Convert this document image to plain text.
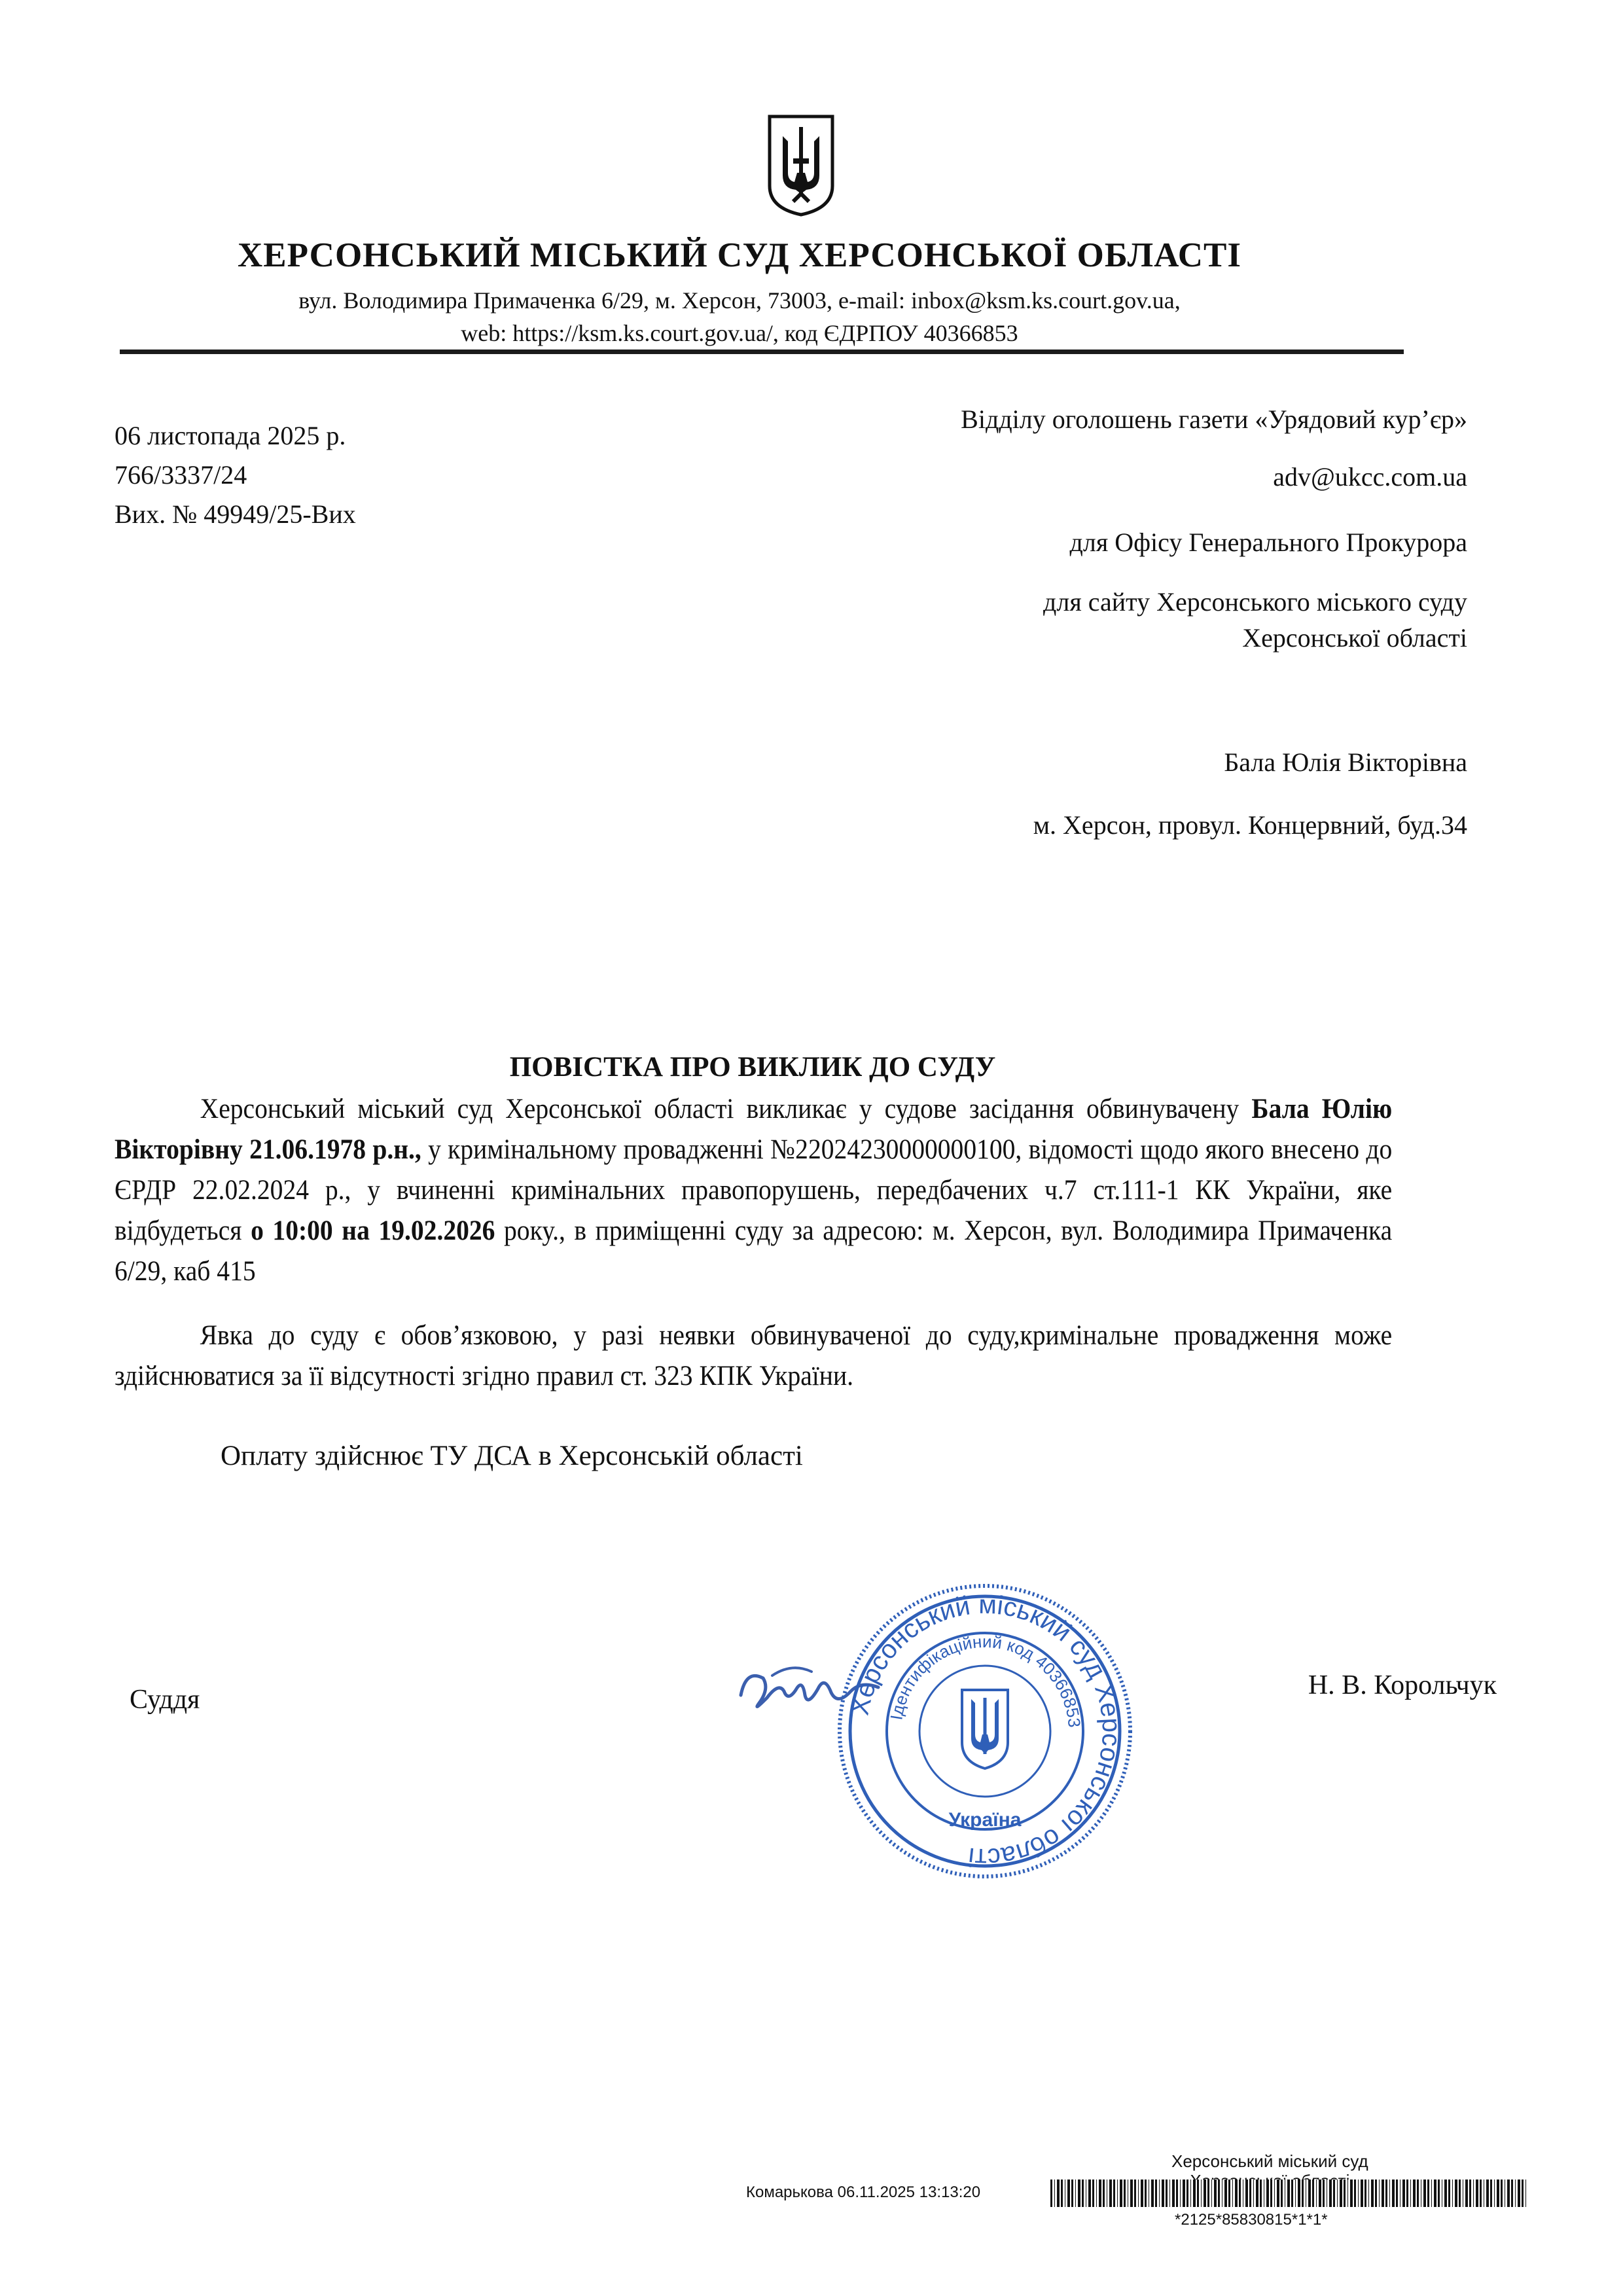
ХЕРСОНСЬКИЙ МІСЬКИЙ СУД ХЕРСОНСЬКОЇ ОБЛАСТІ
вул. Володимира Примаченка 6/29, м. Херсон, 73003, e-mail: inbox@ksm.ks.court.gov.ua,
web: https://ksm.ks.court.gov.ua/, код ЄДРПОУ 40366853
06 листопада 2025 р.
766/3337/24
Вих. № 49949/25-Вих
Відділу оголошень газети «Урядовий кур’єр»
adv@ukcc.com.ua
для Офісу Генерального Прокурора
для сайту Херсонського міського суду
Херсонської області
Бала Юлія Вікторівна
м. Херсон, провул. Концервний, буд.34
ПОВІСТКА ПРО ВИКЛИК ДО СУДУ
Херсонський міський суд Херсонської області викликає у судове засідання обвинувачену Бала Юлію Вікторівну 21.06.1978 р.н., у кримінальному провадженні №22024230000000100, відомості щодо якого внесено до ЄРДР 22.02.2024 р., у вчиненні кримінальних правопорушень, передбачених ч.7 ст.111-1 КК України, яке відбудеться о 10:00 на 19.02.2026 року., в приміщенні суду за адресою: м. Херсон, вул. Володимира Примаченка 6/29, каб 415
Явка до суду є обов’язковою, у разі неявки обвинуваченої до суду,кримінальне провадження може здійснюватися за її відсутності згідно правил ст. 323 КПК України.
Оплату здійснює ТУ ДСА в Херсонській області
Суддя	Херсонський міський суд Херсонської області
Ідентифікаційний код 40366853
Україна
Н. В. Корольчук
Херсонський міський суд
Комарькова 06.11.2025 13:13:20
*2125*85830815*1*1*
